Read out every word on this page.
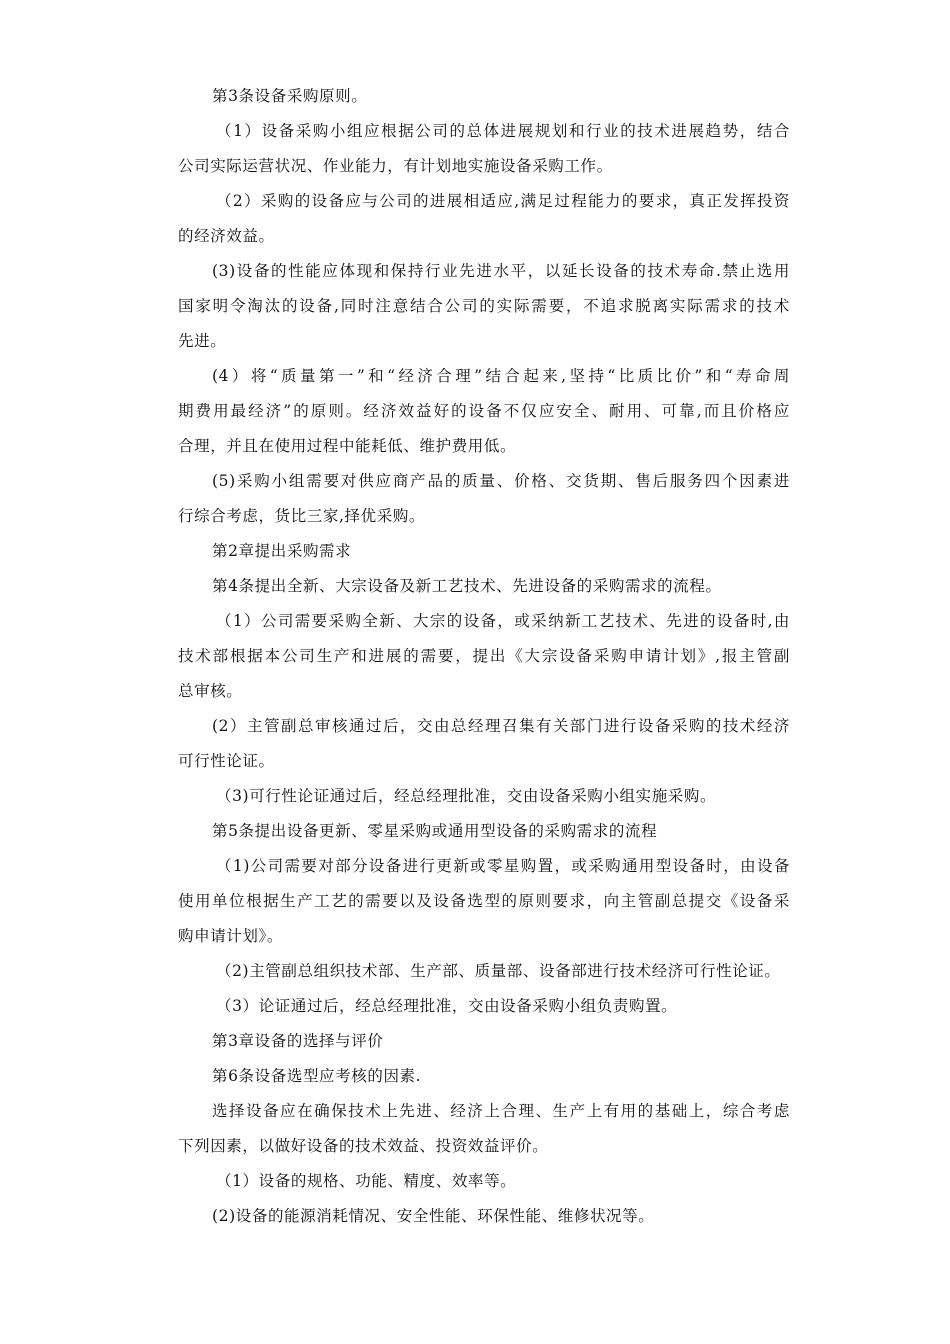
第3条设备采购原则。
（1）设备采购小组应根据公司的总体进展规划和行业的技术进展趋势，结合
公司实际运营状况、作业能力，有计划地实施设备采购工作。
（2）采购的设备应与公司的进展相适应,满足过程能力的要求，真正发挥投资
的经济效益。
(3)设备的性能应体现和保持行业先进水平，以延长设备的技术寿命.禁止选用
国家明令淘汰的设备,同时注意结合公司的实际需要，不追求脱离实际需求的技术
先进。
(4）将“质量第一”和“经济合理”结合起来,坚持“比质比价”和“寿命周
期费用最经济”的原则。经济效益好的设备不仅应安全、耐用、可靠,而且价格应
合理，并且在使用过程中能耗低、维护费用低。
(5)采购小组需要对供应商产品的质量、价格、交货期、售后服务四个因素进
行综合考虑，货比三家,择优采购。
第2章提出采购需求
第4条提出全新、大宗设备及新工艺技术、先进设备的采购需求的流程。
（1）公司需要采购全新、大宗的设备，或采纳新工艺技术、先进的设备时,由
技术部根据本公司生产和进展的需要，提出《大宗设备采购申请计划》,报主管副
总审核。
(2）主管副总审核通过后，交由总经理召集有关部门进行设备采购的技术经济
可行性论证。
（3)可行性论证通过后，经总经理批准，交由设备采购小组实施采购。
第5条提出设备更新、零星采购或通用型设备的采购需求的流程
（1)公司需要对部分设备进行更新或零星购置，或采购通用型设备时，由设备
使用单位根据生产工艺的需要以及设备选型的原则要求，向主管副总提交《设备采
购申请计划》。
（2)主管副总组织技术部、生产部、质量部、设备部进行技术经济可行性论证。
（3）论证通过后，经总经理批准，交由设备采购小组负责购置。
第3章设备的选择与评价
第6条设备选型应考核的因素.
选择设备应在确保技术上先进、经济上合理、生产上有用的基础上，综合考虑
下列因素，以做好设备的技术效益、投资效益评价。
（1）设备的规格、功能、精度、效率等。
(2)设备的能源消耗情况、安全性能、环保性能、维修状况等。
